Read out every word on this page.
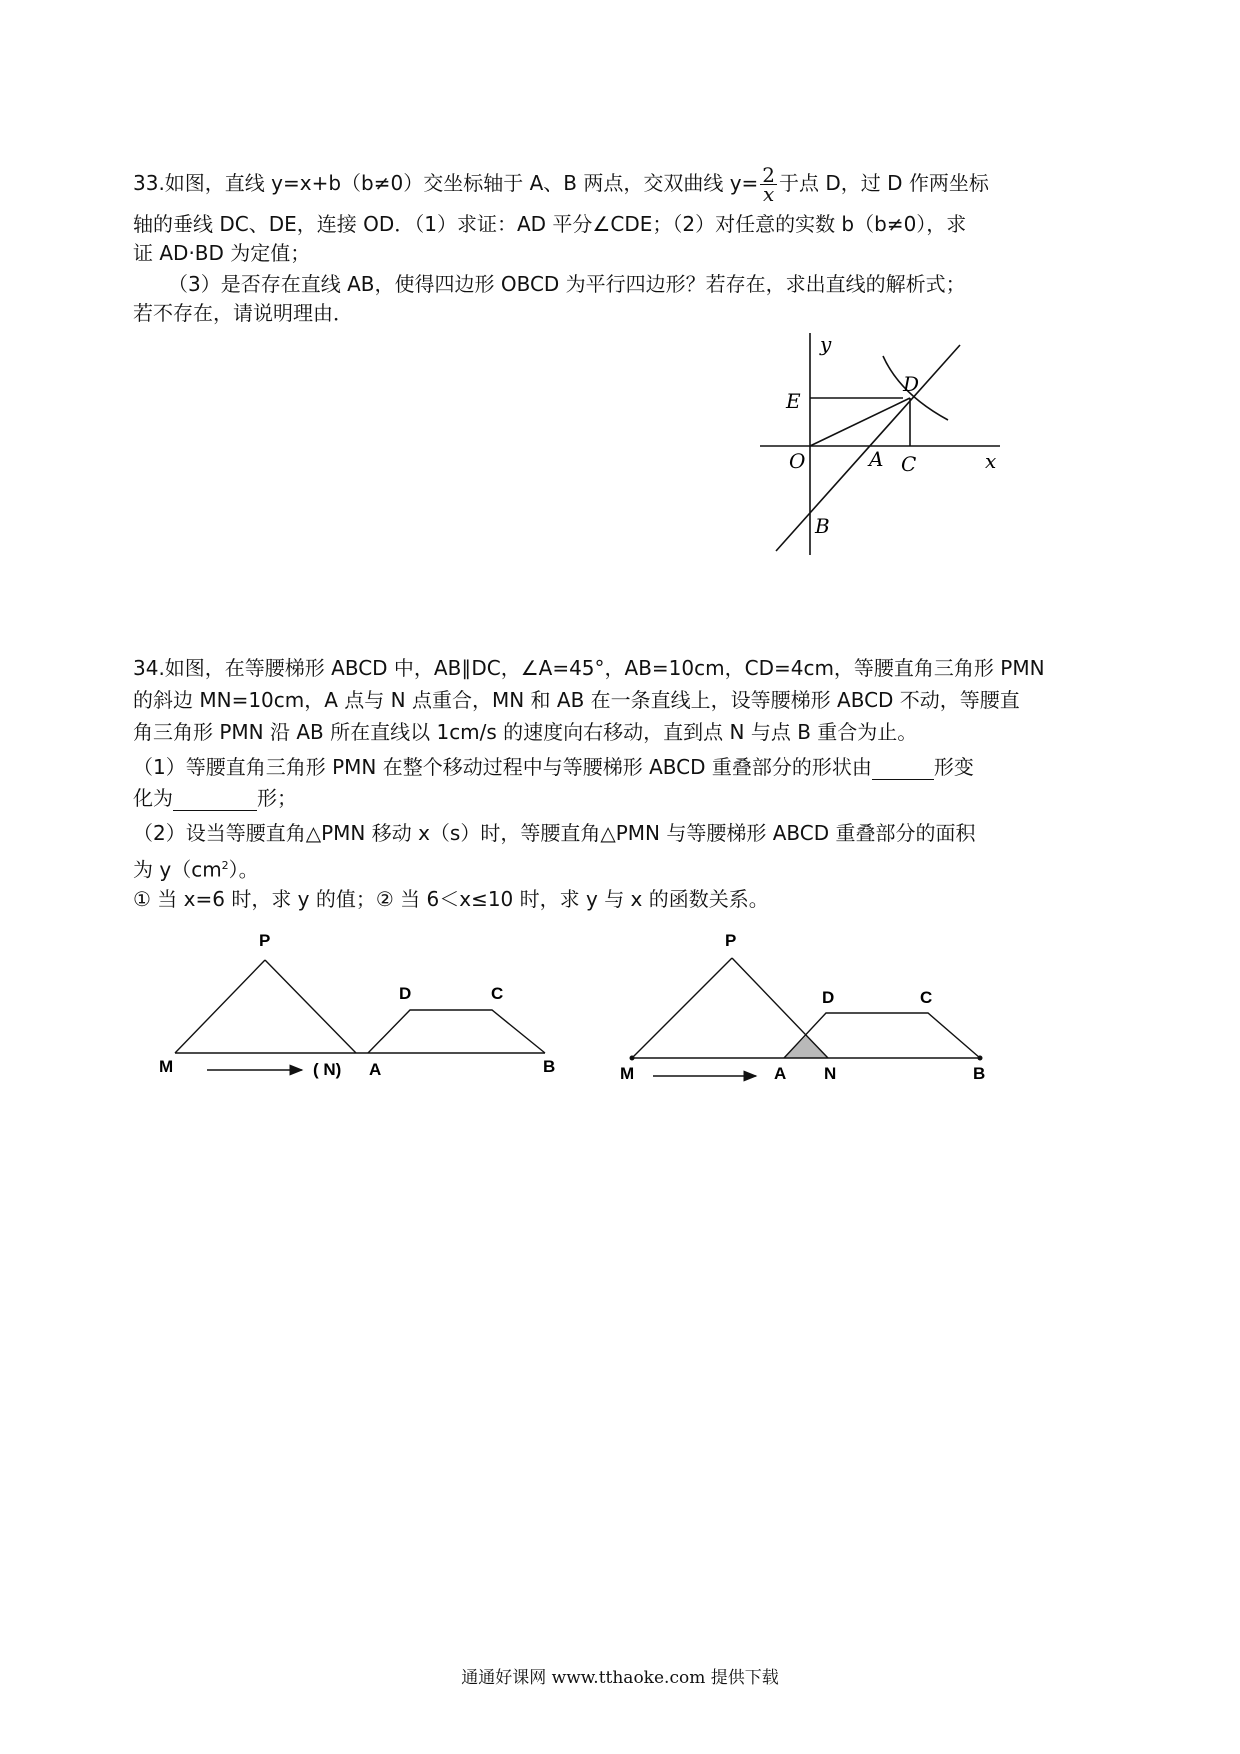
33.如图，直线 y=x+b（b≠0）交坐标轴于 A、B 两点，交双曲线 $y= \frac{2}{x}$ 于点 D，过 D 作两坐标
轴的垂线 DC、DE，连接 OD．（1）求证：AD 平分∠CDE；（2）对任意的实数 b（b≠0），求
证 AD·BD 为定值；
（3）是否存在直线 AB，使得四边形 OBCD 为平行四边形？若存在，求出直线的解析式；
若不存在，请说明理由．
y
x
O	A C
B
D
E
34.如图，在等腰梯形 ABCD 中，AB∥DC，∠A=45°，AB=10cm，CD=4cm，等腰直角三角形 PMN
的斜边 MN=10cm，A 点与 N 点重合，MN 和 AB 在一条直线上，设等腰梯形 ABCD 不动，等腰直
角三角形 PMN 沿 AB 所在直线以 1cm/s 的速度向右移动，直到点 N 与点 B 重合为止。
（1）等腰直角三角形 PMN 在整个移动过程中与等腰梯形 ABCD 重叠部分的形状由	形变
化为	形；
（2）设当等腰直角△PMN 移动 x（s）时，等腰直角△PMN 与等腰梯形 ABCD 重叠部分的面积
为 $y(cm^2)$。
① 当 x=6 时，求 y 的值；② 当 6＜x≤10 时，求 y 与 x 的函数关系。
P
M	( N) A	B
D	C
P
M	A N	B
D	C
通通好课网 www.tthaoke.com 提供下载
